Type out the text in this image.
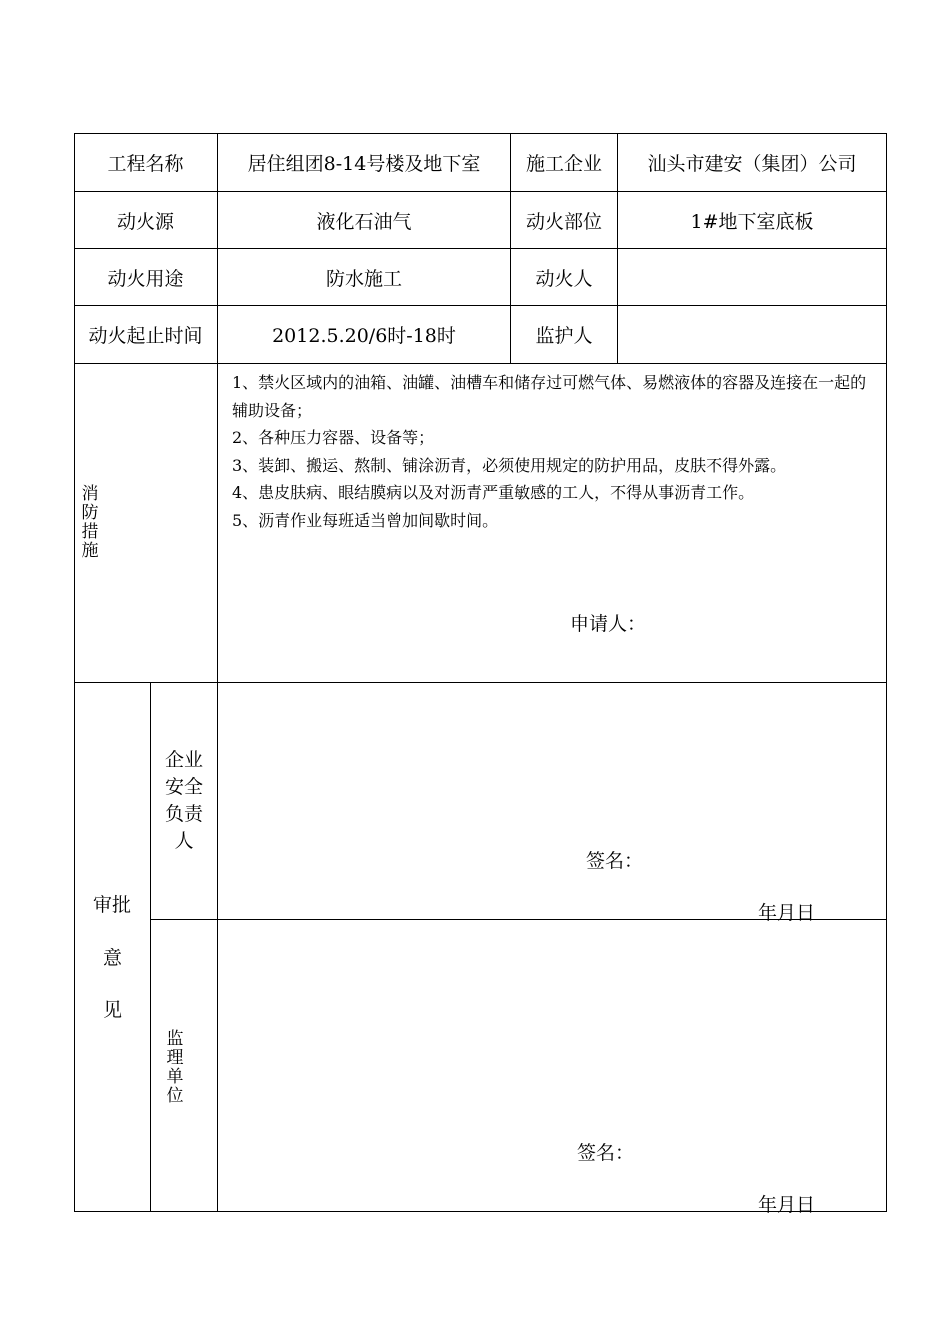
工程名称	居住组团8-14号楼及地下室	施工企业	汕头市建安（集团）公司
动火源	液化石油气	动火部位	1#地下室底板
动火用途	防水施工	动火人
动火起止时间	2012.5.20/6时-18时	监护人
消防措施
1、禁火区域内的油箱、油罐、油槽车和储存过可燃气体、易燃液体的容器及连接在一起的辅助设备；
2、各种压力容器、设备等；
3、装卸、搬运、熬制、铺涂沥青，必须使用规定的防护用品，皮肤不得外露。
4、患皮肤病、眼结膜病以及对沥青严重敏感的工人，不得从事沥青工作。
5、沥青作业每班适当曾加间歇时间。
申请人：
审批
意
见
企业安全负责人
签名：
年月日
监理单位
签名：
年月日
